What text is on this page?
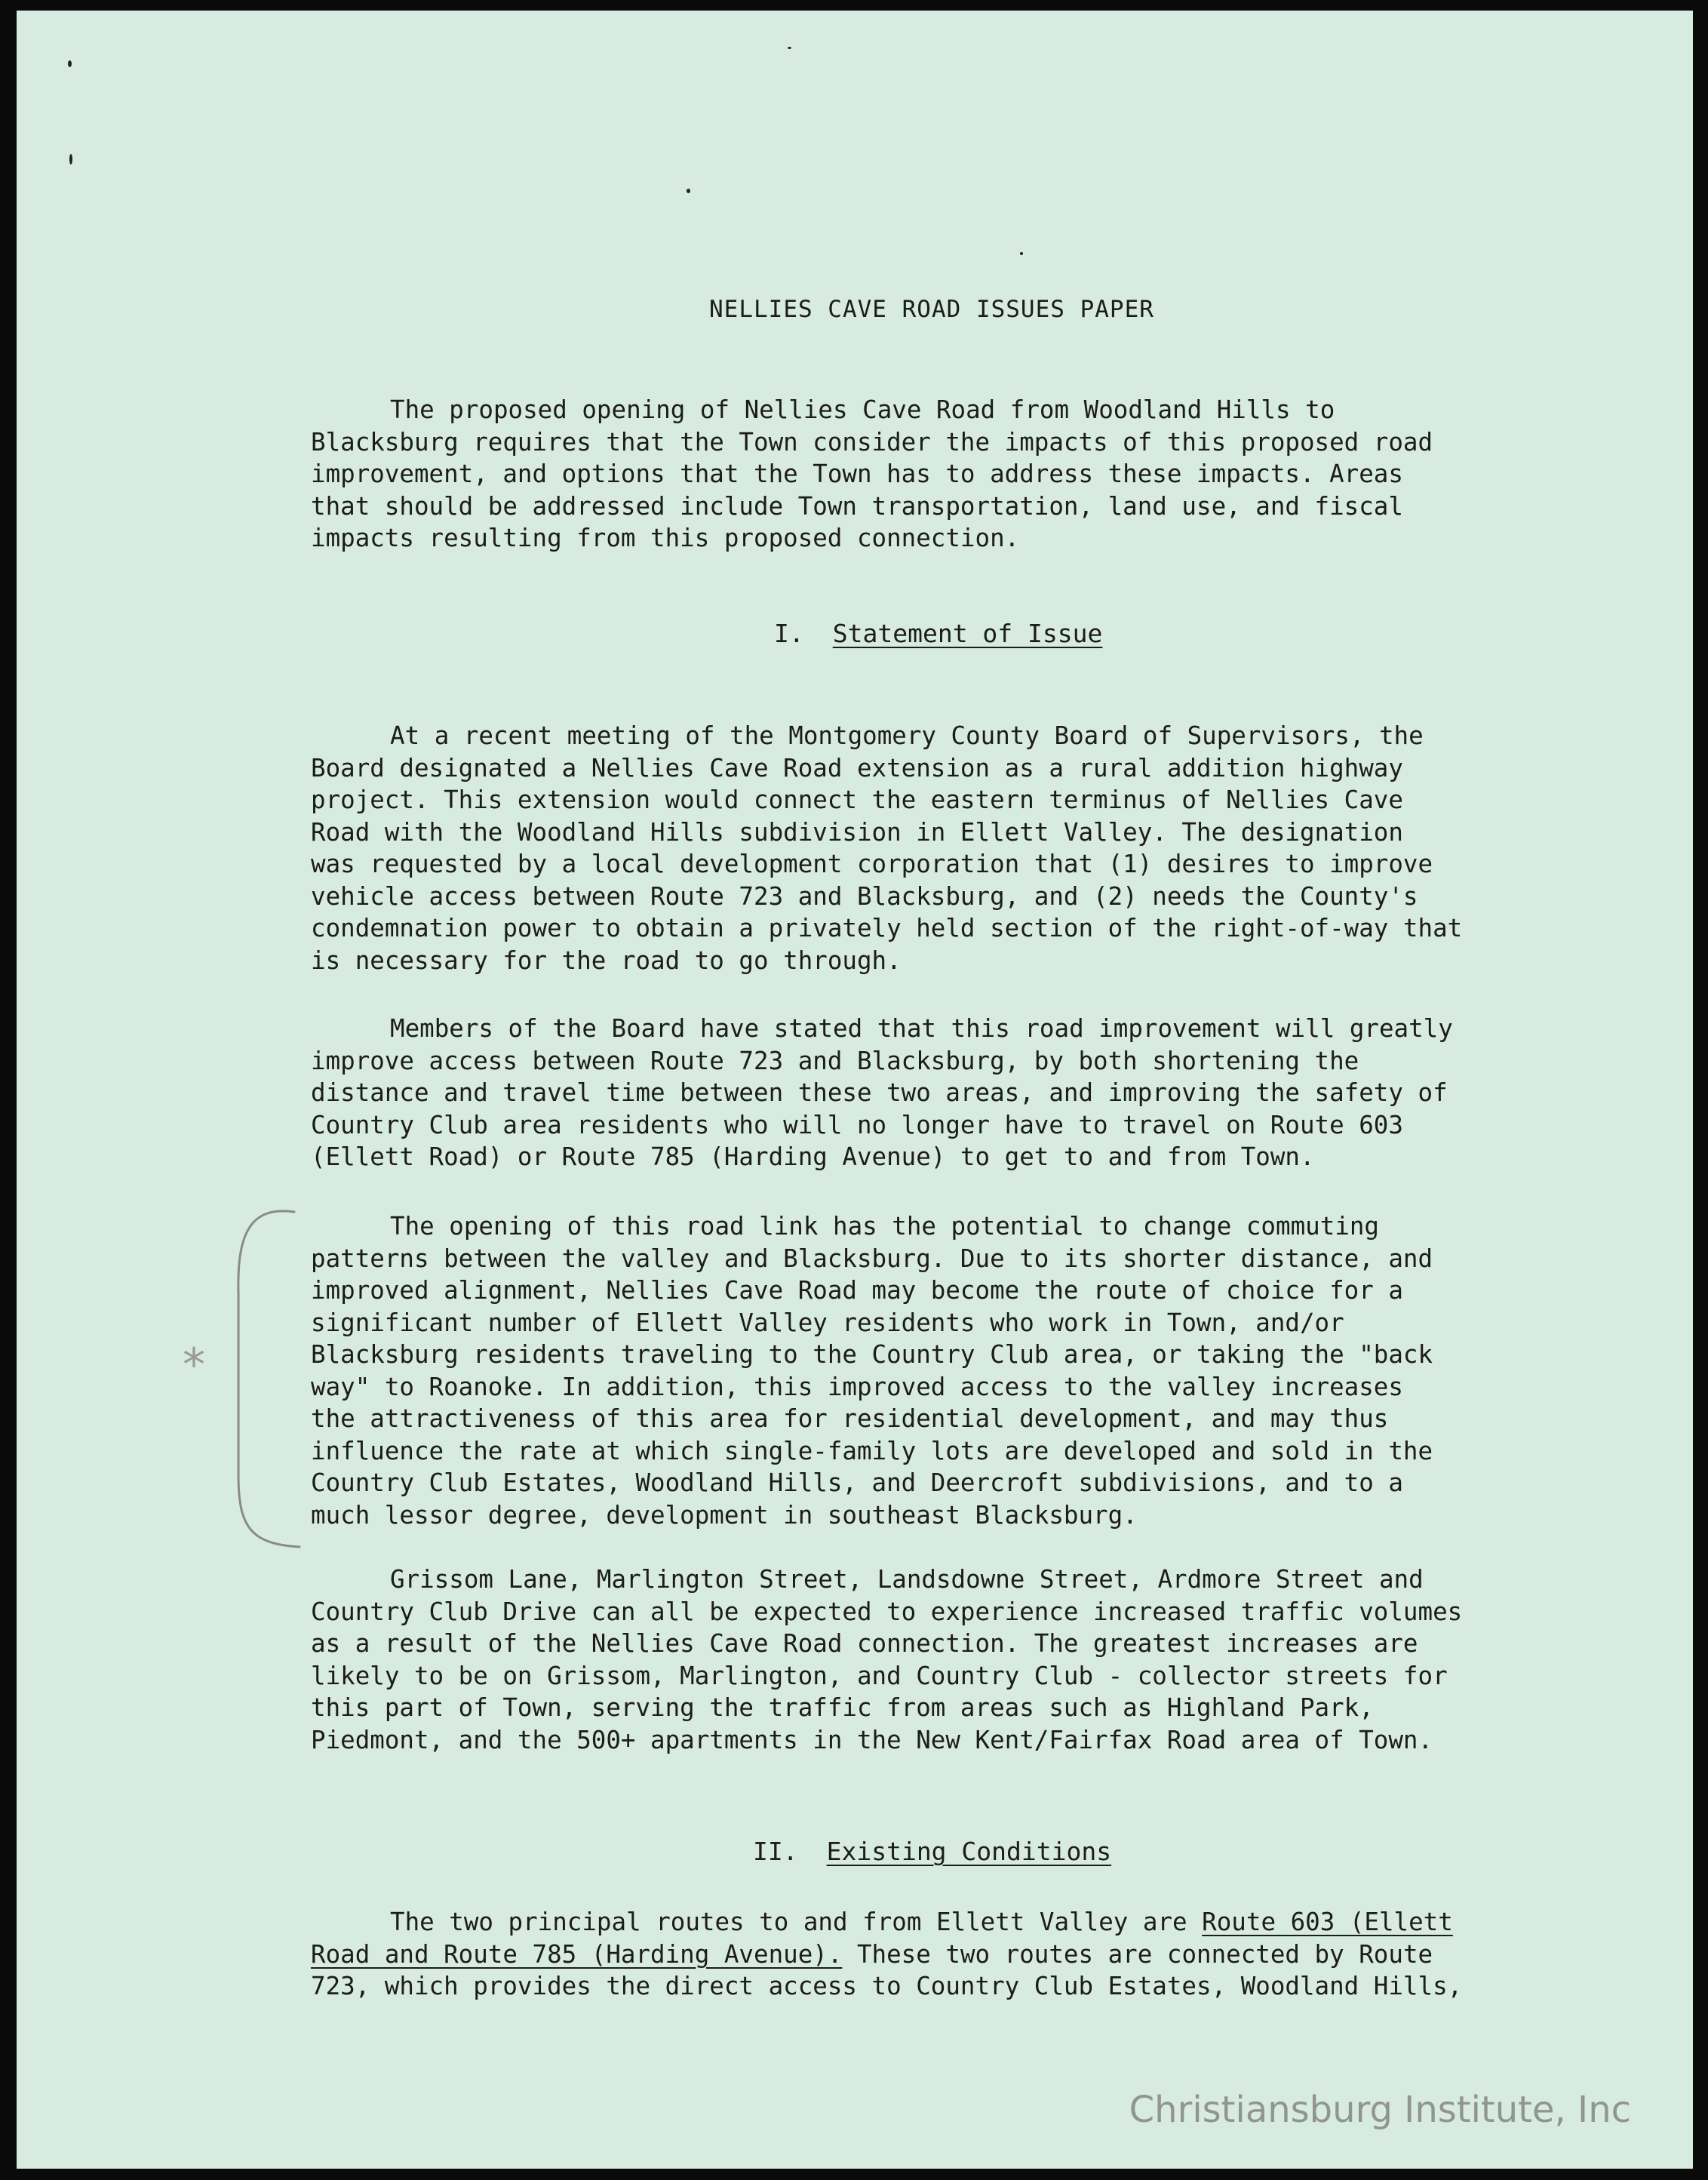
NELLIES CAVE ROAD ISSUES PAPER
The proposed opening of Nellies Cave Road from Woodland Hills to
Blacksburg requires that the Town consider the impacts of this proposed road
improvement, and options that the Town has to address these impacts. Areas
that should be addressed include Town transportation, land use, and fiscal
impacts resulting from this proposed connection.
I. Statement of Issue
At a recent meeting of the Montgomery County Board of Supervisors, the
Board designated a Nellies Cave Road extension as a rural addition highway
project. This extension would connect the eastern terminus of Nellies Cave
Road with the Woodland Hills subdivision in Ellett Valley. The designation
was requested by a local development corporation that (1) desires to improve
vehicle access between Route 723 and Blacksburg, and (2) needs the County's
condemnation power to obtain a privately held section of the right-of-way that
is necessary for the road to go through.
Members of the Board have stated that this road improvement will greatly
improve access between Route 723 and Blacksburg, by both shortening the
distance and travel time between these two areas, and improving the safety of
Country Club area residents who will no longer have to travel on Route 603
(Ellett Road) or Route 785 (Harding Avenue) to get to and from Town.
*
The opening of this road link has the potential to change commuting
patterns between the valley and Blacksburg. Due to its shorter distance, and
improved alignment, Nellies Cave Road may become the route of choice for a
significant number of Ellett Valley residents who work in Town, and/or
Blacksburg residents traveling to the Country Club area, or taking the "back
way" to Roanoke. In addition, this improved access to the valley increases
the attractiveness of this area for residential development, and may thus
influence the rate at which single-family lots are developed and sold in the
Country Club Estates, Woodland Hills, and Deercroft subdivisions, and to a
much lessor degree, development in southeast Blacksburg.
Grissom Lane, Marlington Street, Landsdowne Street, Ardmore Street and
Country Club Drive can all be expected to experience increased traffic volumes
as a result of the Nellies Cave Road connection. The greatest increases are
likely to be on Grissom, Marlington, and Country Club - collector streets for
this part of Town, serving the traffic from areas such as Highland Park,
Piedmont, and the 500+ apartments in the New Kent/Fairfax Road area of Town.
II. Existing Conditions
The two principal routes to and from Ellett Valley are Route 603 (Ellett
Road and Route 785 (Harding Avenue). These two routes are connected by Route
723, which provides the direct access to Country Club Estates, Woodland Hills,
Christiansburg Institute, Inc
